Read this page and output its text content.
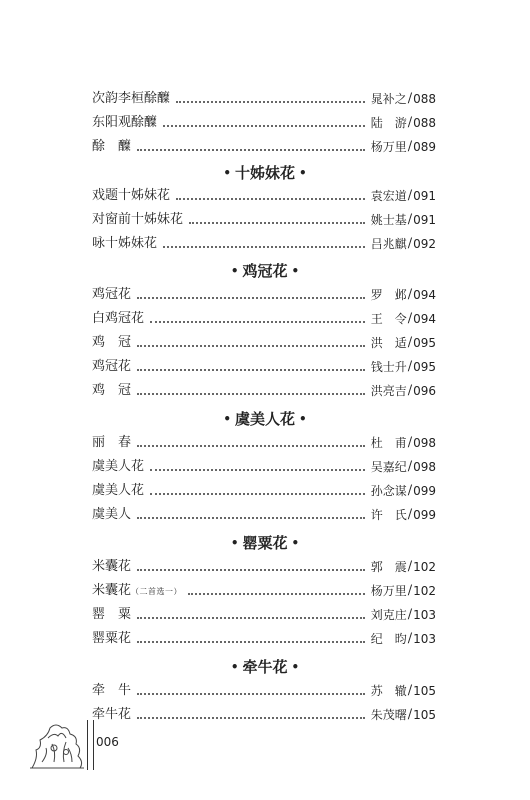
次韵李桓酴醾	晁补之 / 088
东阳观酴醾	陆　游 / 088
酴　醾	杨万里 / 089
• 十姊妹花 •
戏题十姊妹花	袁宏道 / 091
对窗前十姊妹花	姚士基 / 091
咏十姊妹花	吕兆麒 / 092
• 鸡冠花 •
鸡冠花	罗　邺 / 094
白鸡冠花	王　令 / 094
鸡　冠	洪　适 / 095
鸡冠花	钱士升 / 095
鸡　冠	洪亮吉 / 096
• 虞美人花 •
丽　春	杜　甫 / 098
虞美人花	吴嘉纪 / 098
虞美人花	孙念谋 / 099
虞美人	许　氏 / 099
• 罂粟花 •
米囊花	郭　震 / 102
米囊花（二首选一）	杨万里 / 102
罂　粟	刘克庄 / 103
罂粟花	纪　昀 / 103
• 牵牛花 •
牵　牛	苏　辙 / 105
牵牛花	朱茂曙 / 105
006
